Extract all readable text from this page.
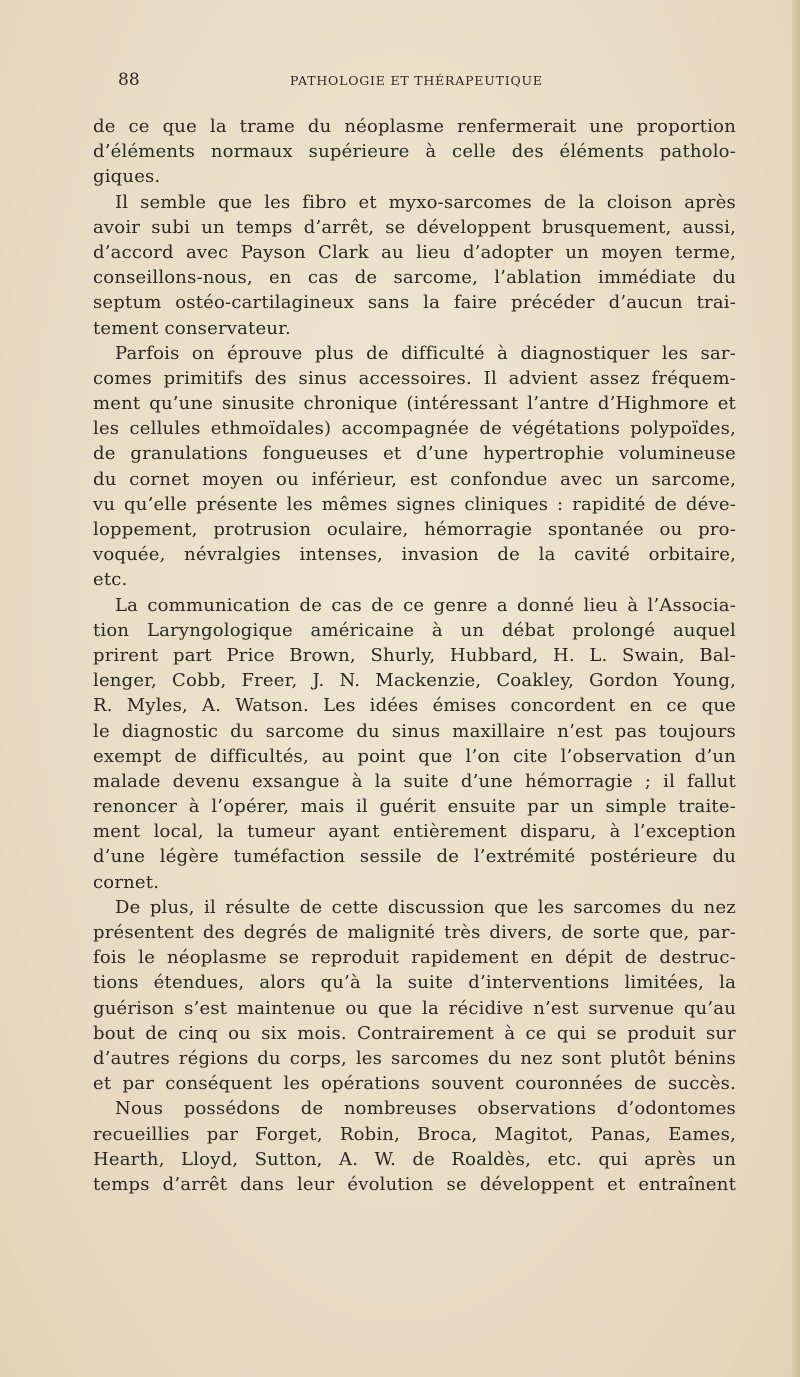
88	PATHOLOGIE ET THÉRAPEUTIQUE
de ce que la trame du néoplasme renfermerait une proportion
d’éléments normaux supérieure à celle des éléments patholo-
giques.
Il semble que les fibro et myxo-sarcomes de la cloison après
avoir subi un temps d’arrêt, se développent brusquement, aussi,
d’accord avec Payson Clark au lieu d’adopter un moyen terme,
conseillons-nous, en cas de sarcome, l’ablation immédiate du
septum ostéo-cartilagineux sans la faire précéder d’aucun trai-
tement conservateur.
Parfois on éprouve plus de difficulté à diagnostiquer les sar-
comes primitifs des sinus accessoires. Il advient assez fréquem-
ment qu’une sinusite chronique (intéressant l’antre d’Highmore et
les cellules ethmoïdales) accompagnée de végétations polypoïdes,
de granulations fongueuses et d’une hypertrophie volumineuse
du cornet moyen ou inférieur, est confondue avec un sarcome,
vu qu’elle présente les mêmes signes cliniques : rapidité de déve-
loppement, protrusion oculaire, hémorragie spontanée ou pro-
voquée, névralgies intenses, invasion de la cavité orbitaire,
etc.
La communication de cas de ce genre a donné lieu à l’Associa-
tion Laryngologique américaine à un débat prolongé auquel
prirent part Price Brown, Shurly, Hubbard, H. L. Swain, Bal-
lenger, Cobb, Freer, J. N. Mackenzie, Coakley, Gordon Young,
R. Myles, A. Watson. Les idées émises concordent en ce que
le diagnostic du sarcome du sinus maxillaire n’est pas toujours
exempt de difficultés, au point que l’on cite l’observation d’un
malade devenu exsangue à la suite d’une hémorragie ; il fallut
renoncer à l’opérer, mais il guérit ensuite par un simple traite-
ment local, la tumeur ayant entièrement disparu, à l’exception
d’une légère tuméfaction sessile de l’extrémité postérieure du
cornet.
De plus, il résulte de cette discussion que les sarcomes du nez
présentent des degrés de malignité très divers, de sorte que, par-
fois le néoplasme se reproduit rapidement en dépit de destruc-
tions étendues, alors qu’à la suite d’interventions limitées, la
guérison s’est maintenue ou que la récidive n’est survenue qu’au
bout de cinq ou six mois. Contrairement à ce qui se produit sur
d’autres régions du corps, les sarcomes du nez sont plutôt bénins
et par conséquent les opérations souvent couronnées de succès.
Nous possédons de nombreuses observations d’odontomes
recueillies par Forget, Robin, Broca, Magitot, Panas, Eames,
Hearth, Lloyd, Sutton, A. W. de Roaldès, etc. qui après un
temps d’arrêt dans leur évolution se développent et entraînent
